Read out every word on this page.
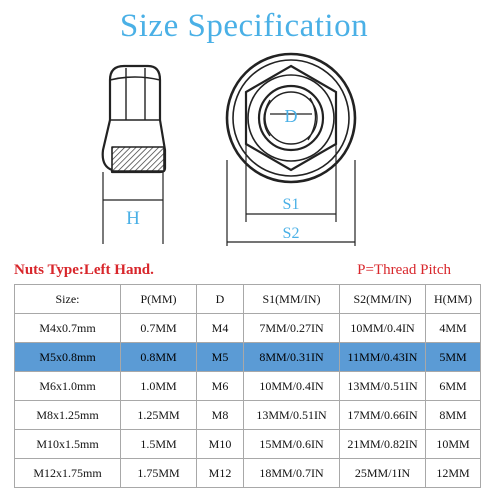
Size Specification
H
D
S1
S2
Nuts Type:Left Hand.	P=Thread Pitch
Size:	P(MM)	D	S1(MM/IN)	S2(MM/IN)	H(MM)
M4x0.7mm	0.7MM	M4	7MM/0.27IN	10MM/0.4IN	4MM
M5x0.8mm	0.8MM	M5	8MM/0.31IN	11MM/0.43IN	5MM
M6x1.0mm	1.0MM	M6	10MM/0.4IN	13MM/0.51IN	6MM
M8x1.25mm	1.25MM	M8	13MM/0.51IN	17MM/0.66IN	8MM
M10x1.5mm	1.5MM	M10	15MM/0.6IN	21MM/0.82IN	10MM
M12x1.75mm	1.75MM	M12	18MM/0.7IN	25MM/1IN	12MM
